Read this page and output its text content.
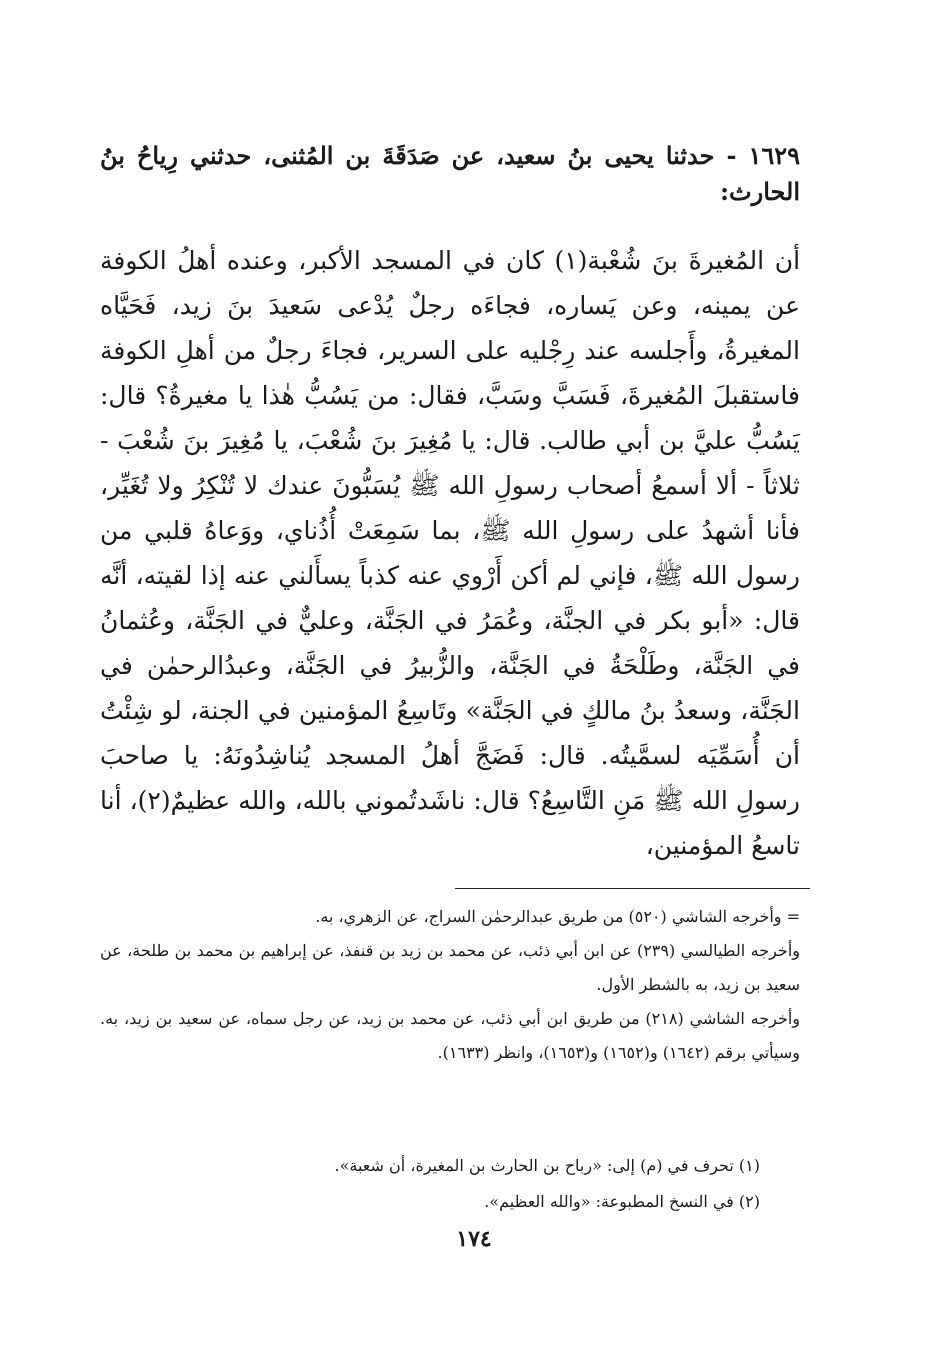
١٦٢٩ - حدثنا يحيى بنُ سعيد، عن صَدَقَةَ بن المُثنى، حدثني رِياحُ بنُ الحارث:

أن المُغيرةَ بنَ شُعْبة(١) كان في المسجد الأكبر، وعنده أهلُ الكوفة عن يمينه، وعن يَساره، فجاءَه رجلٌ يُدْعى سَعيدَ بنَ زيد، فَحَيَّاه المغيرةُ، وأَجلسه عند رِجْليه على السرير، فجاءَ رجلٌ من أهلِ الكوفة فاستقبلَ المُغيرةَ، فَسَبَّ وسَبَّ، فقال: من يَسُبُّ هٰذا يا مغيرةُ؟ قال: يَسُبُّ عليَّ بن أبي طالب. قال: يا مُغِيرَ بنَ شُعْبَ، يا مُغِيرَ بنَ شُعْبَ - ثلاثاً - ألا أسمعُ أصحاب رسولِ الله ﷺ يُسَبُّونَ عندك لا تُنْكِرُ ولا تُغَيِّر، فأنا أشهدُ على رسولِ الله ﷺ، بما سَمِعَتْ أُذُناي، ووَعاهُ قلبي من رسول الله ﷺ، فإني لم أكن أَرْوي عنه كذباً يسأَلني عنه إذا لقيته، أنَّه قال: «أبو بكر في الجنَّة، وعُمَرُ في الجَنَّة، وعليٌّ في الجَنَّة، وعُثمانُ في الجَنَّة، وطَلْحَةُ في الجَنَّة، والزُّبيرُ في الجَنَّة، وعبدُالرحمٰن في الجَنَّة، وسعدُ بنُ مالكٍ في الجَنَّة» وتَاسِعُ المؤمنين في الجنة، لو شِئْتُ أن أُسَمِّيَه لسمَّيتُه. قال: فَضَجَّ أهلُ المسجد يُناشِدُونَهُ: يا صاحبَ رسولِ الله ﷺ مَنِ التَّاسِعُ؟ قال: ناشَدتُموني بالله، والله عظيمٌ(٢)، أنا تاسعُ المؤمنين،

= وأخرجه الشاشي (٥٢٠) من طريق عبدالرحمٰن السراج، عن الزهري، به.

وأخرجه الطيالسي (٢٣٩) عن ابن أبي ذئب، عن محمد بن زيد بن قنفذ، عن إبراهيم بن محمد بن طلحة، عن سعيد بن زيد، به بالشطر الأول.

وأخرجه الشاشي (٢١٨) من طريق ابن أبي ذئب، عن محمد بن زيد، عن رجل سماه، عن سعيد بن زيد، به. وسيأتي برقم (١٦٤٢) و(١٦٥٢) و(١٦٥٣)، وانظر (١٦٣٣).

(١) تحرف في (م) إلى: «رباح بن الحارث بن المغيرة، أن شعبة».

(٢) في النسخ المطبوعة: «والله العظيم».

١٧٤
